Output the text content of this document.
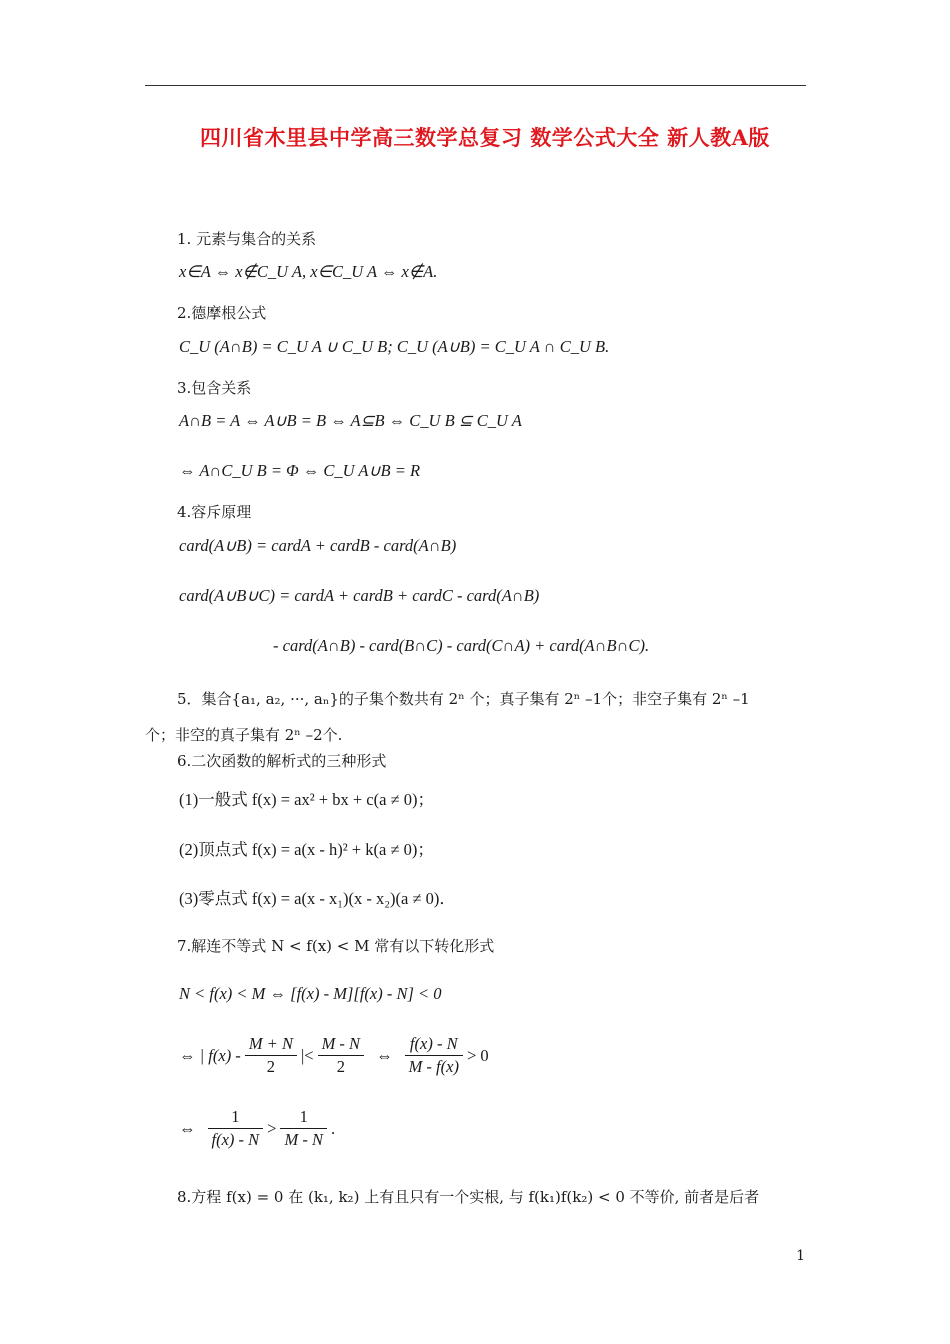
四川省木里县中学高三数学总复习 数学公式大全 新人教A版
1. 元素与集合的关系
x∈A ⇔ x∉C_U A, x∈C_U A ⇔ x∉A.
2.德摩根公式
C_U (A∩B) = C_U A ∪ C_U B; C_U (A∪B) = C_U A ∩ C_U B.
3.包含关系
A∩B = A ⇔ A∪B = B ⇔ A⊆B ⇔ C_U B ⊆ C_U A
⇔ A∩C_U B = Φ ⇔ C_U A∪B = R
4.容斥原理
card(A∪B) = cardA + cardB - card(A∩B)
card(A∪B∪C) = cardA + cardB + cardC - card(A∩B)
- card(A∩B) - card(B∩C) - card(C∩A) + card(A∩B∩C).
5．集合{a₁, a₂, ···, aₙ}的子集个数共有 2ⁿ 个；真子集有 2ⁿ –1个；非空子集有 2ⁿ –1
个；非空的真子集有 2ⁿ –2个.
6.二次函数的解析式的三种形式
(1)一般式 f(x) = ax² + bx + c(a ≠ 0)；
(2)顶点式 f(x) = a(x - h)² + k(a ≠ 0)；
(3)零点式 f(x) = a(x - x₁)(x - x₂)(a ≠ 0)．
7.解连不等式 N < f(x) < M 常有以下转化形式
N < f(x) < M ⇔ [f(x) - M][f(x) - N] < 0
⇔ | $f(x) - \frac{M + N}{2}$ |< $\frac{M - N}{2}$ ⇔ $\frac{f(x) - N}{M - f(x)} > 0$
⇔ $\frac{1}{f(x) - N} > \frac{1}{M - N}$ .
8.方程 f(x) = 0 在 (k₁, k₂) 上有且只有一个实根, 与 f(k₁)f(k₂) < 0 不等价, 前者是后者
1
